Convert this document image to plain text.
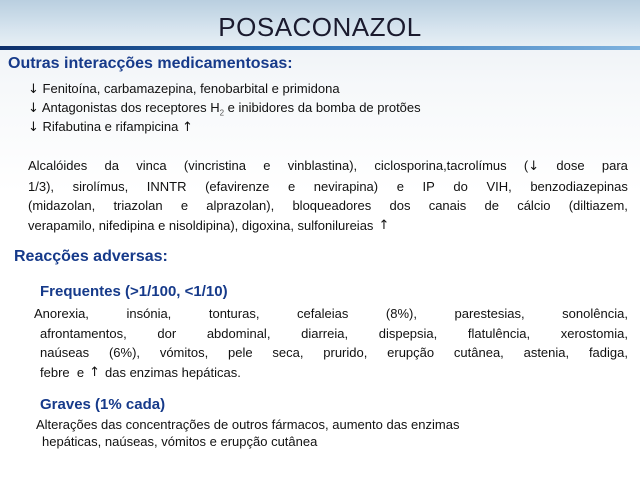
POSACONAZOL
Outras interacções medicamentosas:
↓ Fenitoína, carbamazepina, fenobarbital e primidona
↓ Antagonistas dos receptores $H_2$ e inibidores da bomba de protões
↓ Rifabutina e rifampicina ↑
Alcalóides da vinca (vincristina e vinblastina), ciclosporina,tacrolímus (↓ dose para
1/3), sirolímus, INNTR (efavirenze e nevirapina) e IP do VIH, benzodiazepinas
(midazolan, triazolan e alprazolan), bloqueadores dos canais de cálcio (diltiazem,
verapamilo, nifedipina e nisoldipina), digoxina, sulfonilureias ↑
Reacções adversas:
Frequentes (>1/100, <1/10)
Anorexia,	insónia,	tonturas,	cefaleias	(8%),	parestesias,	sonolência,
afrontamentos, dor abdominal, diarreia, dispepsia, flatulência, xerostomia,
naúseas (6%), vómitos, pele seca, prurido, erupção cutânea, astenia, fadiga,
febre  e ↑ das enzimas hepáticas.
Graves (1% cada)
Alterações das concentrações de outros fármacos, aumento das enzimas
hepáticas, naúseas, vómitos e erupção cutânea
